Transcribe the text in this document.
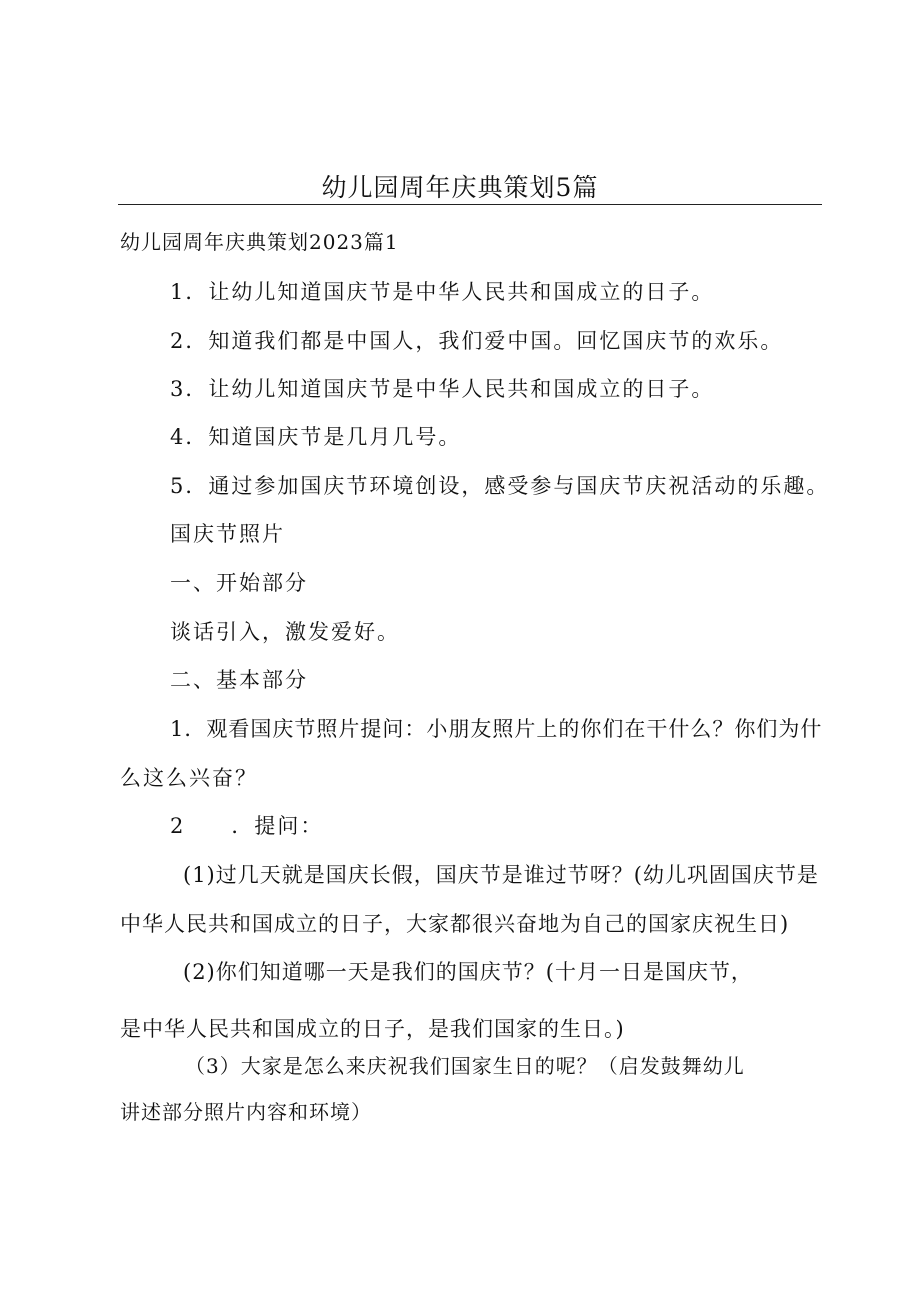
幼儿园周年庆典策划5篇
幼儿园周年庆典策划2023篇1
1．让幼儿知道国庆节是中华人民共和国成立的日子。
2．知道我们都是中国人，我们爱中国。回忆国庆节的欢乐。
3．让幼儿知道国庆节是中华人民共和国成立的日子。
4．知道国庆节是几月几号。
5．通过参加国庆节环境创设，感受参与国庆节庆祝活动的乐趣。
国庆节照片
一、开始部分
谈话引入，激发爱好。
二、基本部分
1．观看国庆节照片提问：小朋友照片上的你们在干什么？你们为什
么这么兴奋？
2　　．提问：
(1)过几天就是国庆长假，国庆节是谁过节呀？(幼儿巩固国庆节是
中华人民共和国成立的日子，大家都很兴奋地为自己的国家庆祝生日)
(2)你们知道哪一天是我们的国庆节？(十月一日是国庆节，
是中华人民共和国成立的日子，是我们国家的生日。)
（3）大家是怎么来庆祝我们国家生日的呢？（启发鼓舞幼儿
讲述部分照片内容和环境）
